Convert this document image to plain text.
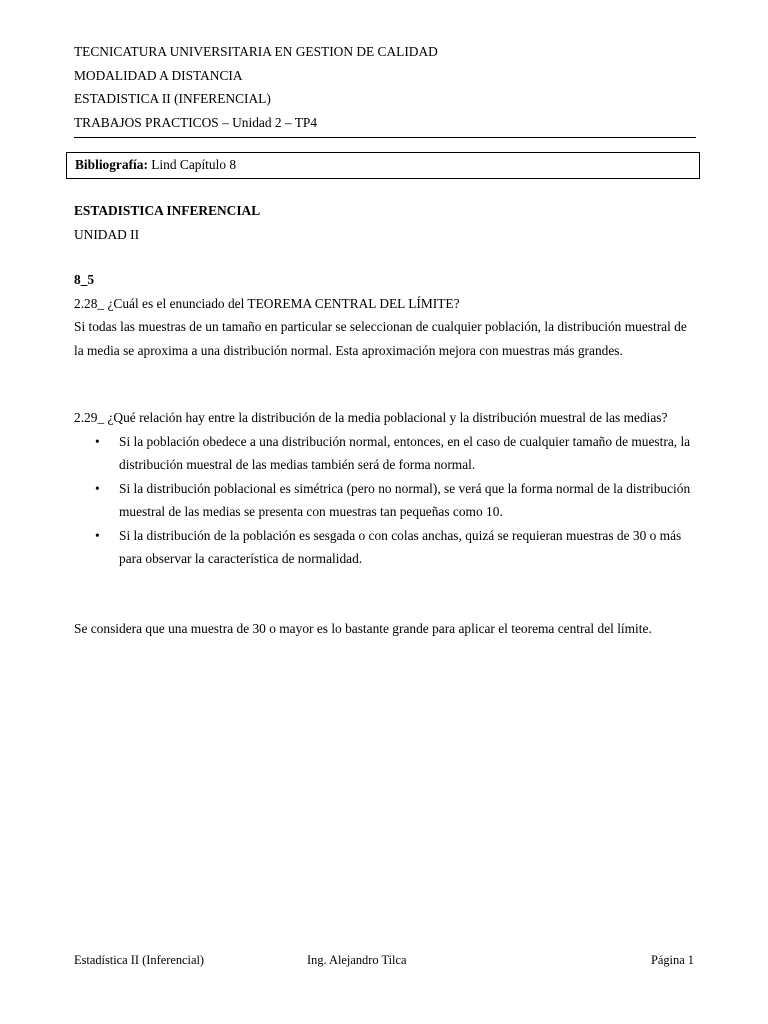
TECNICATURA UNIVERSITARIA EN GESTION DE CALIDAD
MODALIDAD A DISTANCIA
ESTADISTICA II (INFERENCIAL)
TRABAJOS PRACTICOS – Unidad 2 – TP4
Bibliografía: Lind Capítulo 8
ESTADISTICA INFERENCIAL
UNIDAD II
8_5
2.28_ ¿Cuál es el enunciado del TEOREMA CENTRAL DEL LÍMITE?
Si todas las muestras de un tamaño en particular se seleccionan de cualquier población, la distribución muestral de la media se aproxima a una distribución normal. Esta aproximación mejora con muestras más grandes.
2.29_ ¿Qué relación hay entre la distribución de la media poblacional y la distribución muestral de las medias?
• Si la población obedece a una distribución normal, entonces, en el caso de cualquier tamaño de muestra, la distribución muestral de las medias también será de forma normal.
• Si la distribución poblacional es simétrica (pero no normal), se verá que la forma normal de la distribución muestral de las medias se presenta con muestras tan pequeñas como 10.
• Si la distribución de la población es sesgada o con colas anchas, quizá se requieran muestras de 30 o más para observar la característica de normalidad.
Se considera que una muestra de 30 o mayor es lo bastante grande para aplicar el teorema central del límite.
Estadística II (Inferencial)	Ing. Alejandro Tilca	Página 1
